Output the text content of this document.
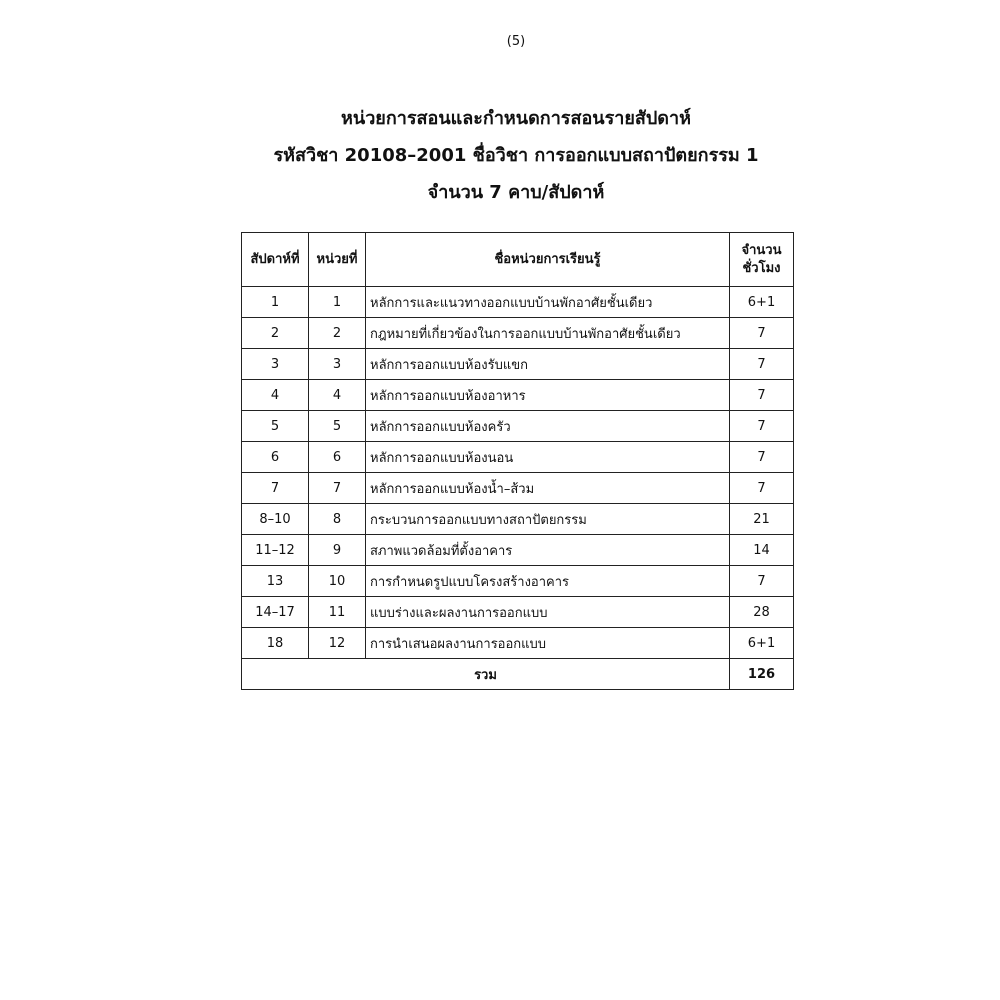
(5)
หน่วยการสอนและกำหนดการสอนรายสัปดาห์
รหัสวิชา 20108–2001 ชื่อวิชา การออกแบบสถาปัตยกรรม 1
จำนวน 7 คาบ/สัปดาห์
สัปดาห์ที่	หน่วยที่	ชื่อหน่วยการเรียนรู้	จำนวน
ชั่วโมง

1	1	หลักการและแนวทางออกแบบบ้านพักอาศัยชั้นเดียว	6+1
2	2	กฎหมายที่เกี่ยวข้องในการออกแบบบ้านพักอาศัยชั้นเดียว	7
3	3	หลักการออกแบบห้องรับแขก	7
4	4	หลักการออกแบบห้องอาหาร	7
5	5	หลักการออกแบบห้องครัว	7
6	6	หลักการออกแบบห้องนอน	7
7	7	หลักการออกแบบห้องน้ำ–ส้วม	7
8–10	8	กระบวนการออกแบบทางสถาปัตยกรรม	21
11–12	9	สภาพแวดล้อมที่ตั้งอาคาร	14
13	10	การกำหนดรูปแบบโครงสร้างอาคาร	7
14–17	11	แบบร่างและผลงานการออกแบบ	28
18	12	การนำเสนอผลงานการออกแบบ	6+1
รวม			126
